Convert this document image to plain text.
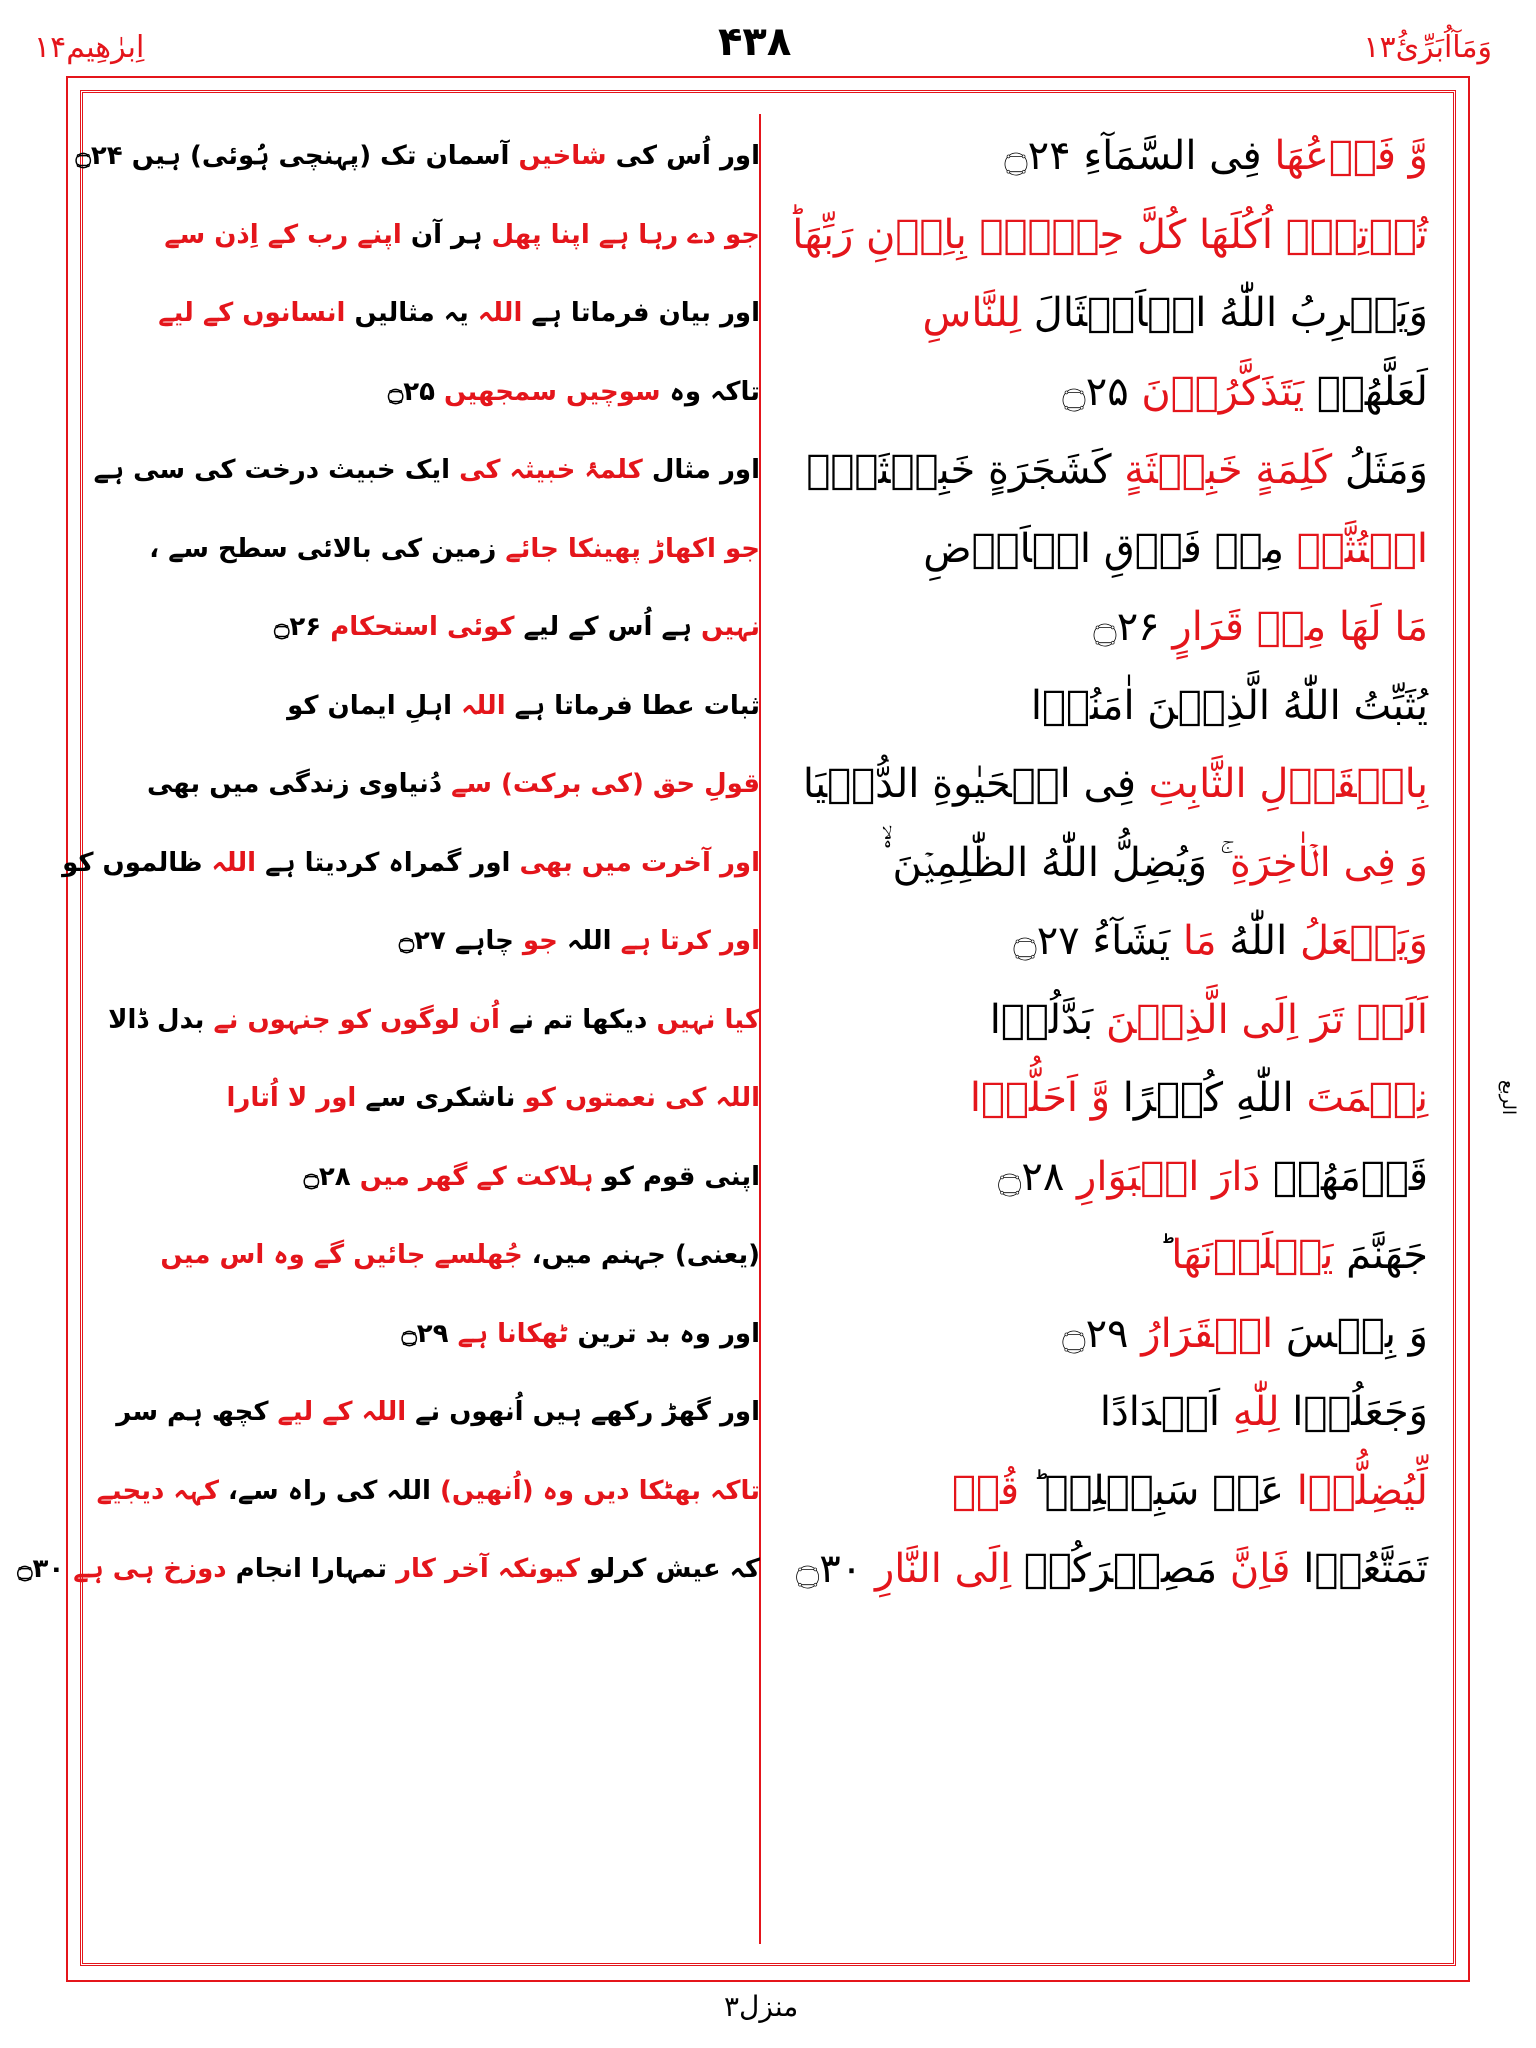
اِبرٰهِیم۱۴	۴۳۸	وَمَآاُبَرِّئُ۱۳
الربع
وَّ فَرۡعُهَا فِی السَّمَآءِ ۝۲۴
اور اُس کی شاخیں آسمان تک (پہنچی ہُوئی) ہیں ۝۲۴
تُؤۡتِیۡۤ اُکُلَهَا کُلَّ حِیۡنٍۭ بِاِذۡنِ رَبِّهَا
جو دے رہا ہے اپنا پھل ہر آن اپنے رب کے اِذن سے
وَیَضۡرِبُ اللّٰهُ الۡاَمۡثَالَ لِلنَّاسِ
اور بیان فرماتا ہے اللہ یہ مثالیں انسانوں کے لیے
لَعَلَّهُمۡ یَتَذَکَّرُوۡنَ ۝۲۵
تاکہ وہ سوچیں سمجھیں ۝۲۵
وَمَثَلُ کَلِمَةٍ خَبِیۡثَةٍ کَشَجَرَةٍ خَبِیۡثَةِ
اور مثال کلمۂ خبیثہ کی ایک خبیث درخت کی سی ہے
اجۡتُثَّتۡ مِنۡ فَوۡقِ الۡاَرۡضِ
جو اکھاڑ پھینکا جائے زمین کی بالائی سطح سے ،
مَا لَهَا مِنۡ قَرَارٍ ۝۲۶
نہیں ہے اُس کے لیے کوئی استحکام ۝۲۶
یُثَبِّتُ اللّٰهُ الَّذِیۡنَ اٰمَنُوۡا
ثبات عطا فرماتا ہے اللہ اہلِ ایمان کو
بِالۡقَوۡلِ الثَّابِتِ فِی الۡحَیٰوةِ الدُّنۡیَا
قولِ حق (کی برکت) سے دُنیاوی زندگی میں بھی
وَ فِی الۡاٰخِرَةِ ۚ وَیُضِلُّ اللّٰهُ الظّٰلِمِیۡنَ ۟ۙ
اور آخرت میں بھی اور گمراہ کردیتا ہے اللہ ظالموں کو
وَیَفۡعَلُ اللّٰهُ مَا یَشَآءُ ۝۲۷
اور کرتا ہے اللہ جو چاہے ۝۲۷
اَلَمۡ تَرَ اِلَی الَّذِیۡنَ بَدَّلُوۡا
کیا نہیں دیکھا تم نے اُن لوگوں کو جنہوں نے بدل ڈالا
نِعۡمَتَ اللّٰهِ کُفۡرًا وَّ اَحَلُّوۡا
اللہ کی نعمتوں کو ناشکری سے اور لا اُتارا
قَوۡمَهُمۡ دَارَ الۡبَوَارِ ۝۲۸
اپنی قوم کو ہلاکت کے گھر میں ۝۲۸
جَهَنَّمَ یَصۡلَوۡنَهَا ؕ
(یعنی) جہنم میں، جُھلسے جائیں گے وہ اس میں
وَ بِئۡسَ الۡقَرَارُ ۝۲۹
اور وہ بد ترین ٹھکانا ہے ۝۲۹
وَجَعَلُوۡا لِلّٰهِ اَنۡدَادًا
اور گھڑ رکھے ہیں اُنھوں نے اللہ کے لیے کچھ ہم سر
لِّیُضِلُّوۡا عَنۡ سَبِیۡلِهٖ ؕ قُلۡ
تاکہ بھٹکا دیں وہ (اُنھیں) اللہ کی راہ سے، کہہ دیجیے
تَمَتَّعُوۡا فَاِنَّ مَصِیۡرَکُمۡ اِلَی النَّارِ ۝۳۰
کہ عیش کرلو کیونکہ آخر کار تمہارا انجام دوزخ ہی ہے ۝۳۰
منزل۳
